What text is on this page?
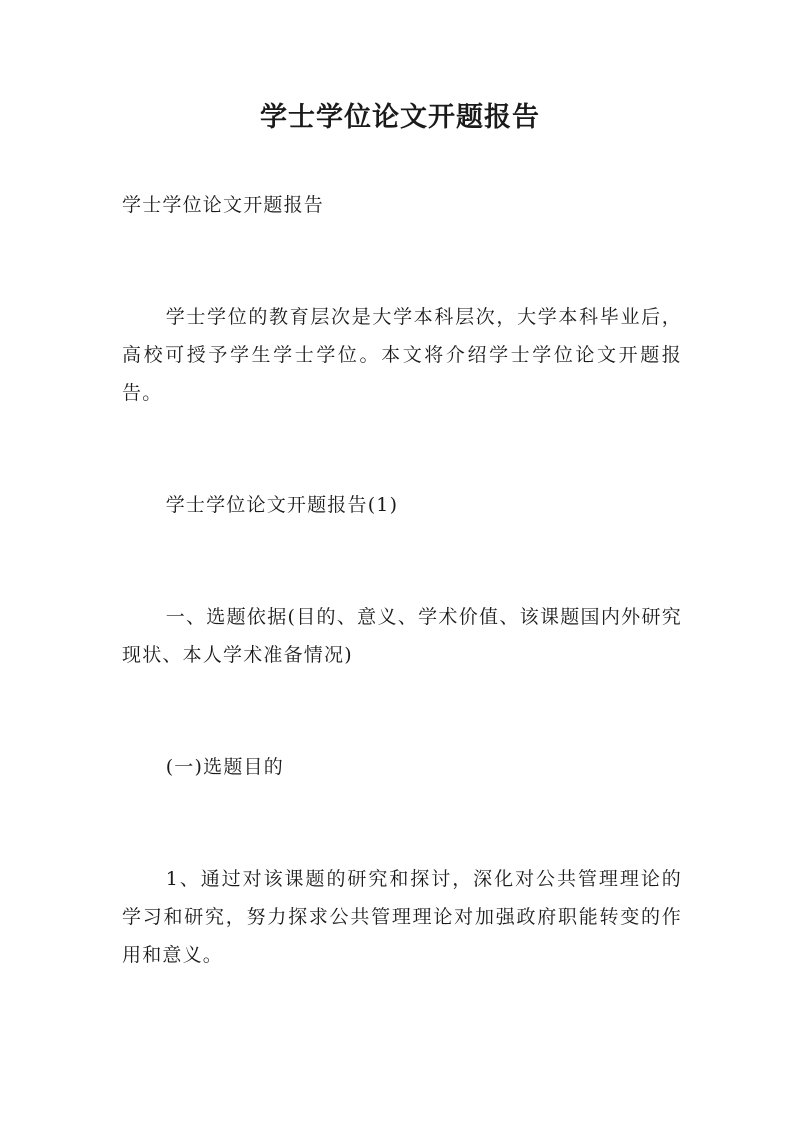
学士学位论文开题报告

学士学位论文开题报告

学士学位的教育层次是大学本科层次，大学本科毕业后，高校可授予学生学士学位。本文将介绍学士学位论文开题报告。

学士学位论文开题报告(1)

一、选题依据(目的、意义、学术价值、该课题国内外研究现状、本人学术准备情况)

(一)选题目的

1、通过对该课题的研究和探讨，深化对公共管理理论的学习和研究，努力探求公共管理理论对加强政府职能转变的作用和意义。
